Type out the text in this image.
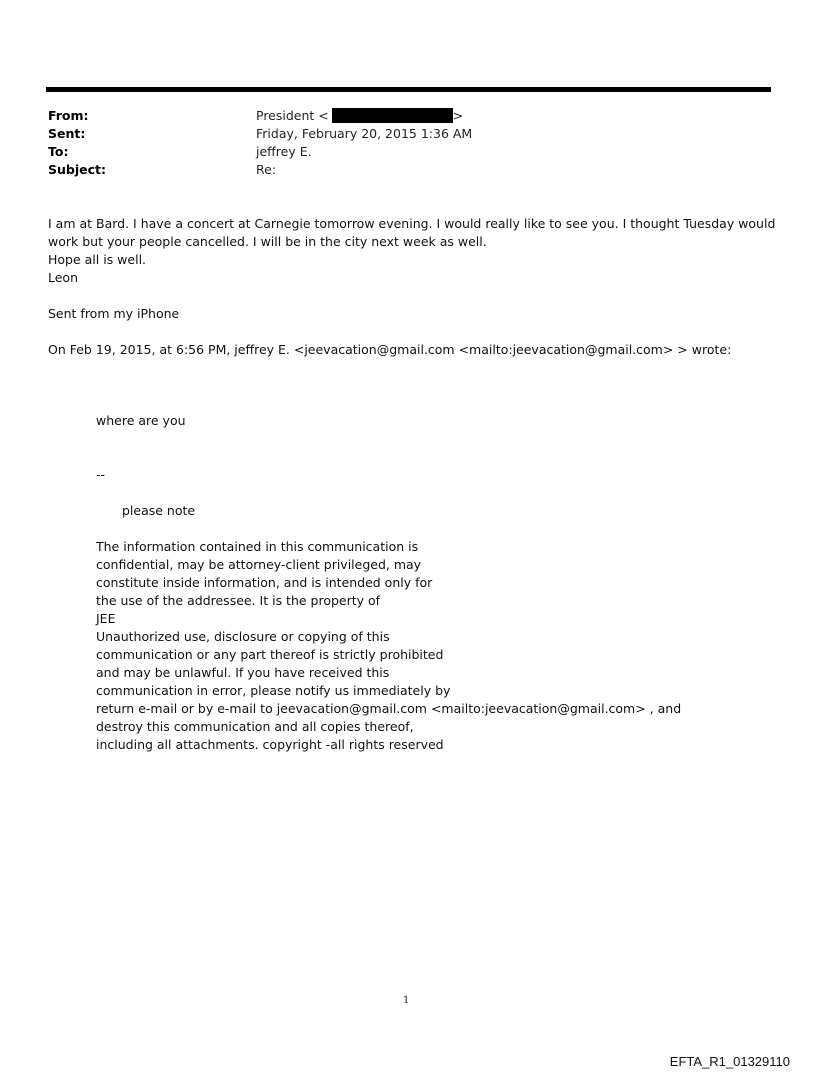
From:	President <	>
Sent:	Friday, February 20, 2015 1:36 AM
To:	jeffrey E.
Subject:	Re:
I am at Bard. I have a concert at Carnegie tomorrow evening. I would really like to see you. I thought Tuesday would
work but your people cancelled. I will be in the city next week as well.
Hope all is well.
Leon
Sent from my iPhone
On Feb 19, 2015, at 6:56 PM, jeffrey E. <jeevacation@gmail.com <mailto:jeevacation@gmail.com> > wrote:
where are you
--
please note
The information contained in this communication is
confidential, may be attorney-client privileged, may
constitute inside information, and is intended only for
the use of the addressee. It is the property of
JEE
Unauthorized use, disclosure or copying of this
communication or any part thereof is strictly prohibited
and may be unlawful. If you have received this
communication in error, please notify us immediately by
return e-mail or by e-mail to jeevacation@gmail.com <mailto:jeevacation@gmail.com> , and
destroy this communication and all copies thereof,
including all attachments. copyright -all rights reserved
1
EFTA_R1_01329110
